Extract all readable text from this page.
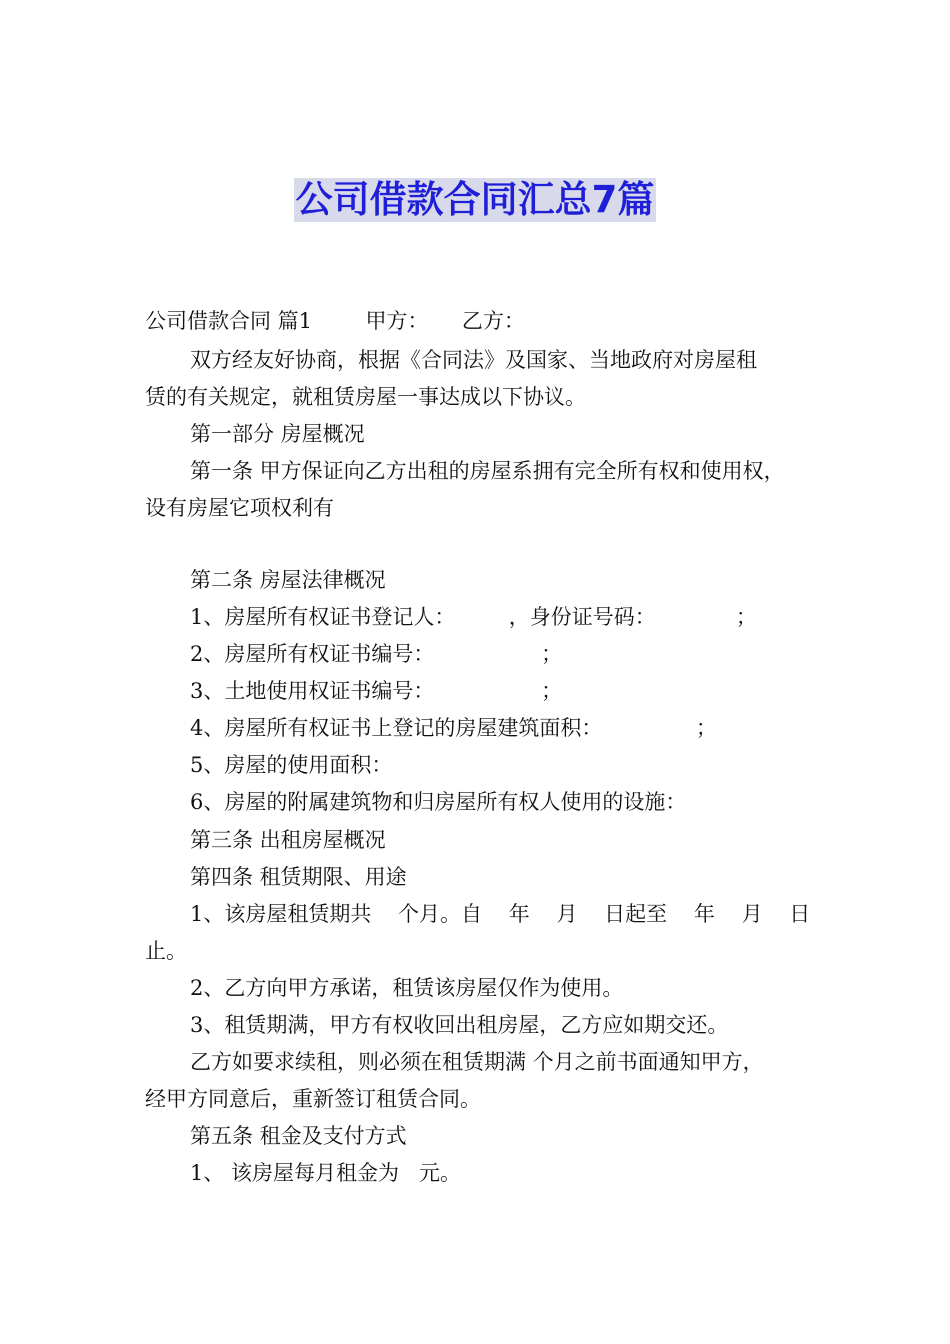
公司借款合同汇总7篇
公司借款合同 篇1        甲方：     乙方：
双方经友好协商，根据《合同法》及国家、当地政府对房屋租
赁的有关规定，就租赁房屋一事达成以下协议。
第一部分 房屋概况
第一条 甲方保证向乙方出租的房屋系拥有完全所有权和使用权，
设有房屋它项权利有
第二条 房屋法律概况
1、房屋所有权证书登记人：        ，身份证号码：            ；
2、房屋所有权证书编号：                ；
3、土地使用权证书编号：                ；
4、房屋所有权证书上登记的房屋建筑面积：              ；
5、房屋的使用面积：
6、房屋的附属建筑物和归房屋所有权人使用的设施：
第三条 出租房屋概况
第四条 租赁期限、用途
1、该房屋租赁期共    个月。自    年    月    日起至    年    月    日
止。
2、乙方向甲方承诺，租赁该房屋仅作为使用。
3、租赁期满，甲方有权收回出租房屋，乙方应如期交还。
乙方如要求续租，则必须在租赁期满 个月之前书面通知甲方，
经甲方同意后，重新签订租赁合同。
第五条 租金及支付方式
1、 该房屋每月租金为   元。
